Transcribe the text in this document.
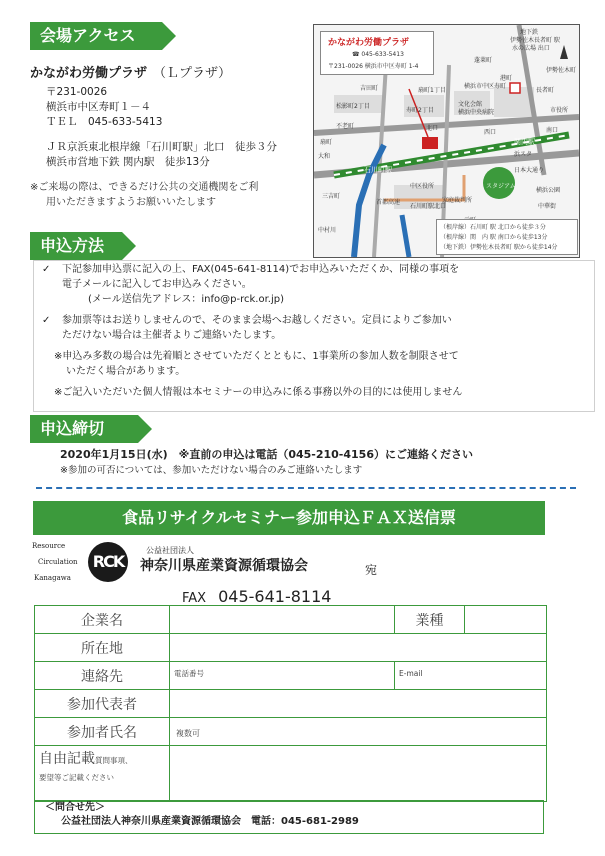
会場アクセス
かながわ労働プラザ （Ｌプラザ）
〒231-0026
横浜市中区寿町１－４
ＴＥＬ　 045-633-5413
ＪＲ京浜東北根岸線「石川町駅」北口　徒歩３分
横浜市営地下鉄 関内駅　徒歩13分
※ご来場の際は、できるだけ公共の交通機関をご利
用いただきますようお願いいたします
かながわ労働プラザ
☎ 045-633-5413
〒231-0026 横浜市中区寿町 1-4
地下鉄
伊勢佐木長者町 駅
水の広場 出口
扇町1丁目
松影町2丁目
寿町2丁目
文化会館
横浜中央病院
港町
関内駅
大和
石川町駅
中区役所	スタジアム
横浜公園
中華街
首都高速
北口	南口
西口
市役所
横浜市中区寿町
家庭裁判所
石川町駅北口
不老町
蓬莱町
長者町
吉田町
伊勢佐木町
日本大通り
浜スタ
扇町
三吉町
中村川	（根岸線）石川町 駅 北口から徒歩３分
（根岸線）関　内 駅 南口から徒歩13分
（地下鉄）伊勢佐木長者町 駅から徒歩14分
申込方法
✓ 下記参加申込票に記入の上、FAX(045-641-8114)でお申込みいただくか、同様の事項を
電子メールに記入してお申込みください。
(メール送信先アドレス：info@p-rck.or.jp)
✓ 参加票等はお送りしませんので、そのまま会場へお越しください。定員によりご参加い
ただけない場合は主催者よりご連絡いたします。
※申込み多数の場合は先着順とさせていただくとともに、1事業所の参加人数を制限させて
いただく場合があります。
※ご記入いただいた個人情報は本セミナーの申込みに係る事務以外の目的には使用しません
申込締切
2020年1月15日(水)　※直前の申込は電話（045-210-4156）にご連絡ください
※参加の可否については、参加いただけない場合のみご連絡いたします
食品リサイクルセミナー参加申込ＦＡＸ送信票
Resource
Circulation
Kanagawa
RCK
公益社団法人
神奈川県産業資源循環協会	宛
FAX 045-641-8114
企業名		業種	
所在地			
連絡先	電話番号	E-mail	
参加代表者			
参加者氏名	複数可		
自由記載質問事項、
要望等ご記載ください			
＜問合せ先＞
公益社団法人神奈川県産業資源循環協会　電話：045-681-2989
